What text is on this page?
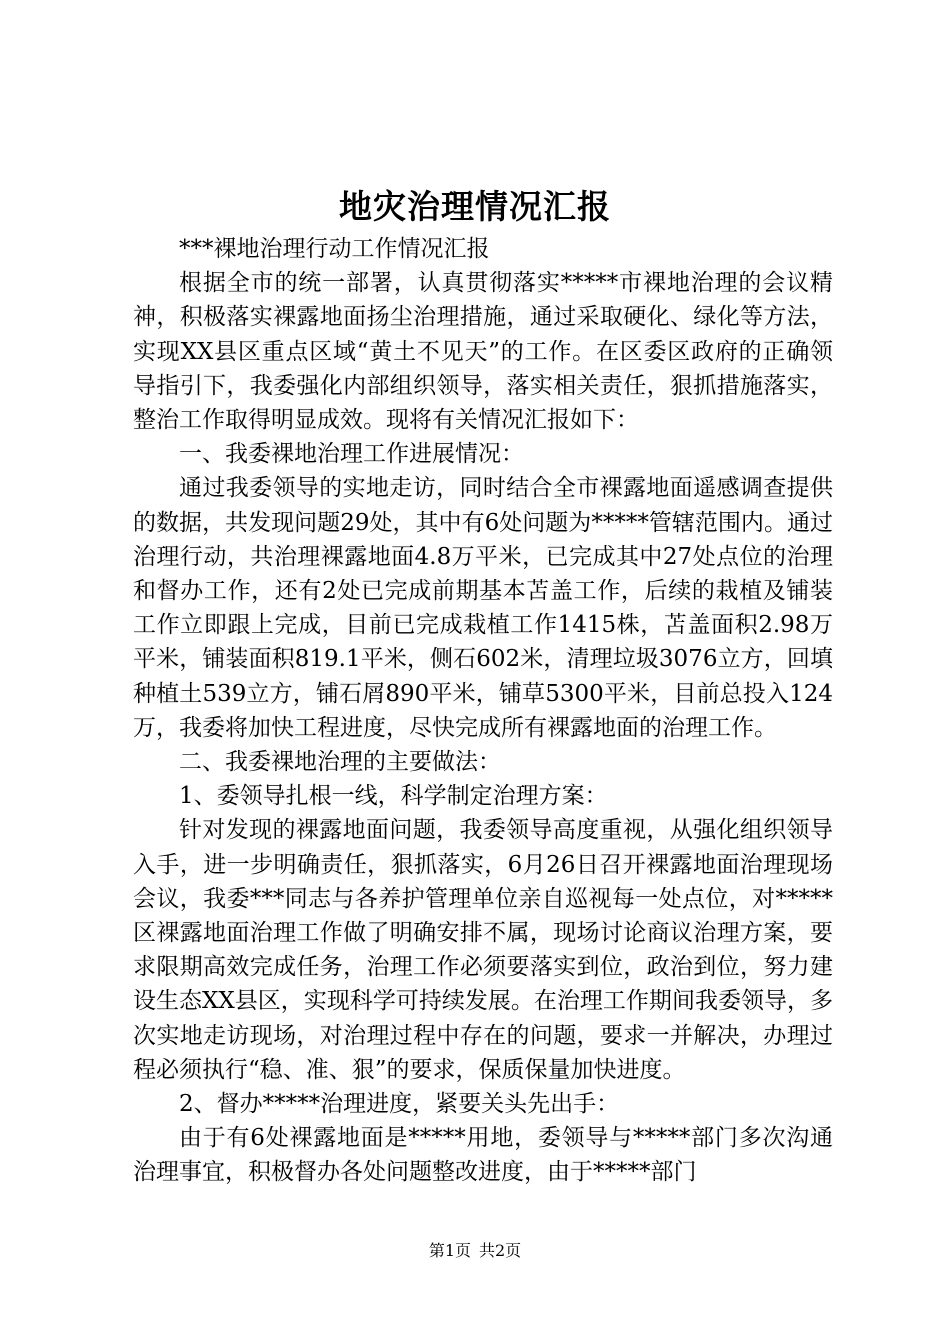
地灾治理情况汇报

***裸地治理行动工作情况汇报

根据全市的统一部署，认真贯彻落实*****市裸地治理的会议精神，积极落实裸露地面扬尘治理措施，通过采取硬化、绿化等方法，实现XX县区重点区域“黄土不见天”的工作。在区委区政府的正确领导指引下，我委强化内部组织领导，落实相关责任，狠抓措施落实，整治工作取得明显成效。现将有关情况汇报如下：

一、我委裸地治理工作进展情况：

通过我委领导的实地走访，同时结合全市裸露地面遥感调查提供的数据，共发现问题29处，其中有6处问题为*****管辖范围内。通过治理行动，共治理裸露地面4.8万平米，已完成其中27处点位的治理和督办工作，还有2处已完成前期基本苫盖工作，后续的栽植及铺装工作立即跟上完成，目前已完成栽植工作1415株，苫盖面积2.98万平米，铺装面积819.1平米，侧石602米，清理垃圾3076立方，回填种植土539立方，铺石屑890平米，铺草5300平米，目前总投入124万，我委将加快工程进度，尽快完成所有裸露地面的治理工作。

二、我委裸地治理的主要做法：

1、委领导扎根一线，科学制定治理方案：

针对发现的裸露地面问题，我委领导高度重视，从强化组织领导入手，进一步明确责任，狠抓落实，6月26日召开裸露地面治理现场会议，我委***同志与各养护管理单位亲自巡视每一处点位，对*****区裸露地面治理工作做了明确安排不属，现场讨论商议治理方案，要求限期高效完成任务，治理工作必须要落实到位，政治到位，努力建设生态XX县区，实现科学可持续发展。在治理工作期间我委领导，多次实地走访现场，对治理过程中存在的问题，要求一并解决，办理过程必须执行“稳、准、狠”的要求，保质保量加快进度。

2、督办*****治理进度，紧要关头先出手：

由于有6处裸露地面是*****用地，委领导与*****部门多次沟通治理事宜，积极督办各处问题整改进度，由于*****部门

第1页 共2页
